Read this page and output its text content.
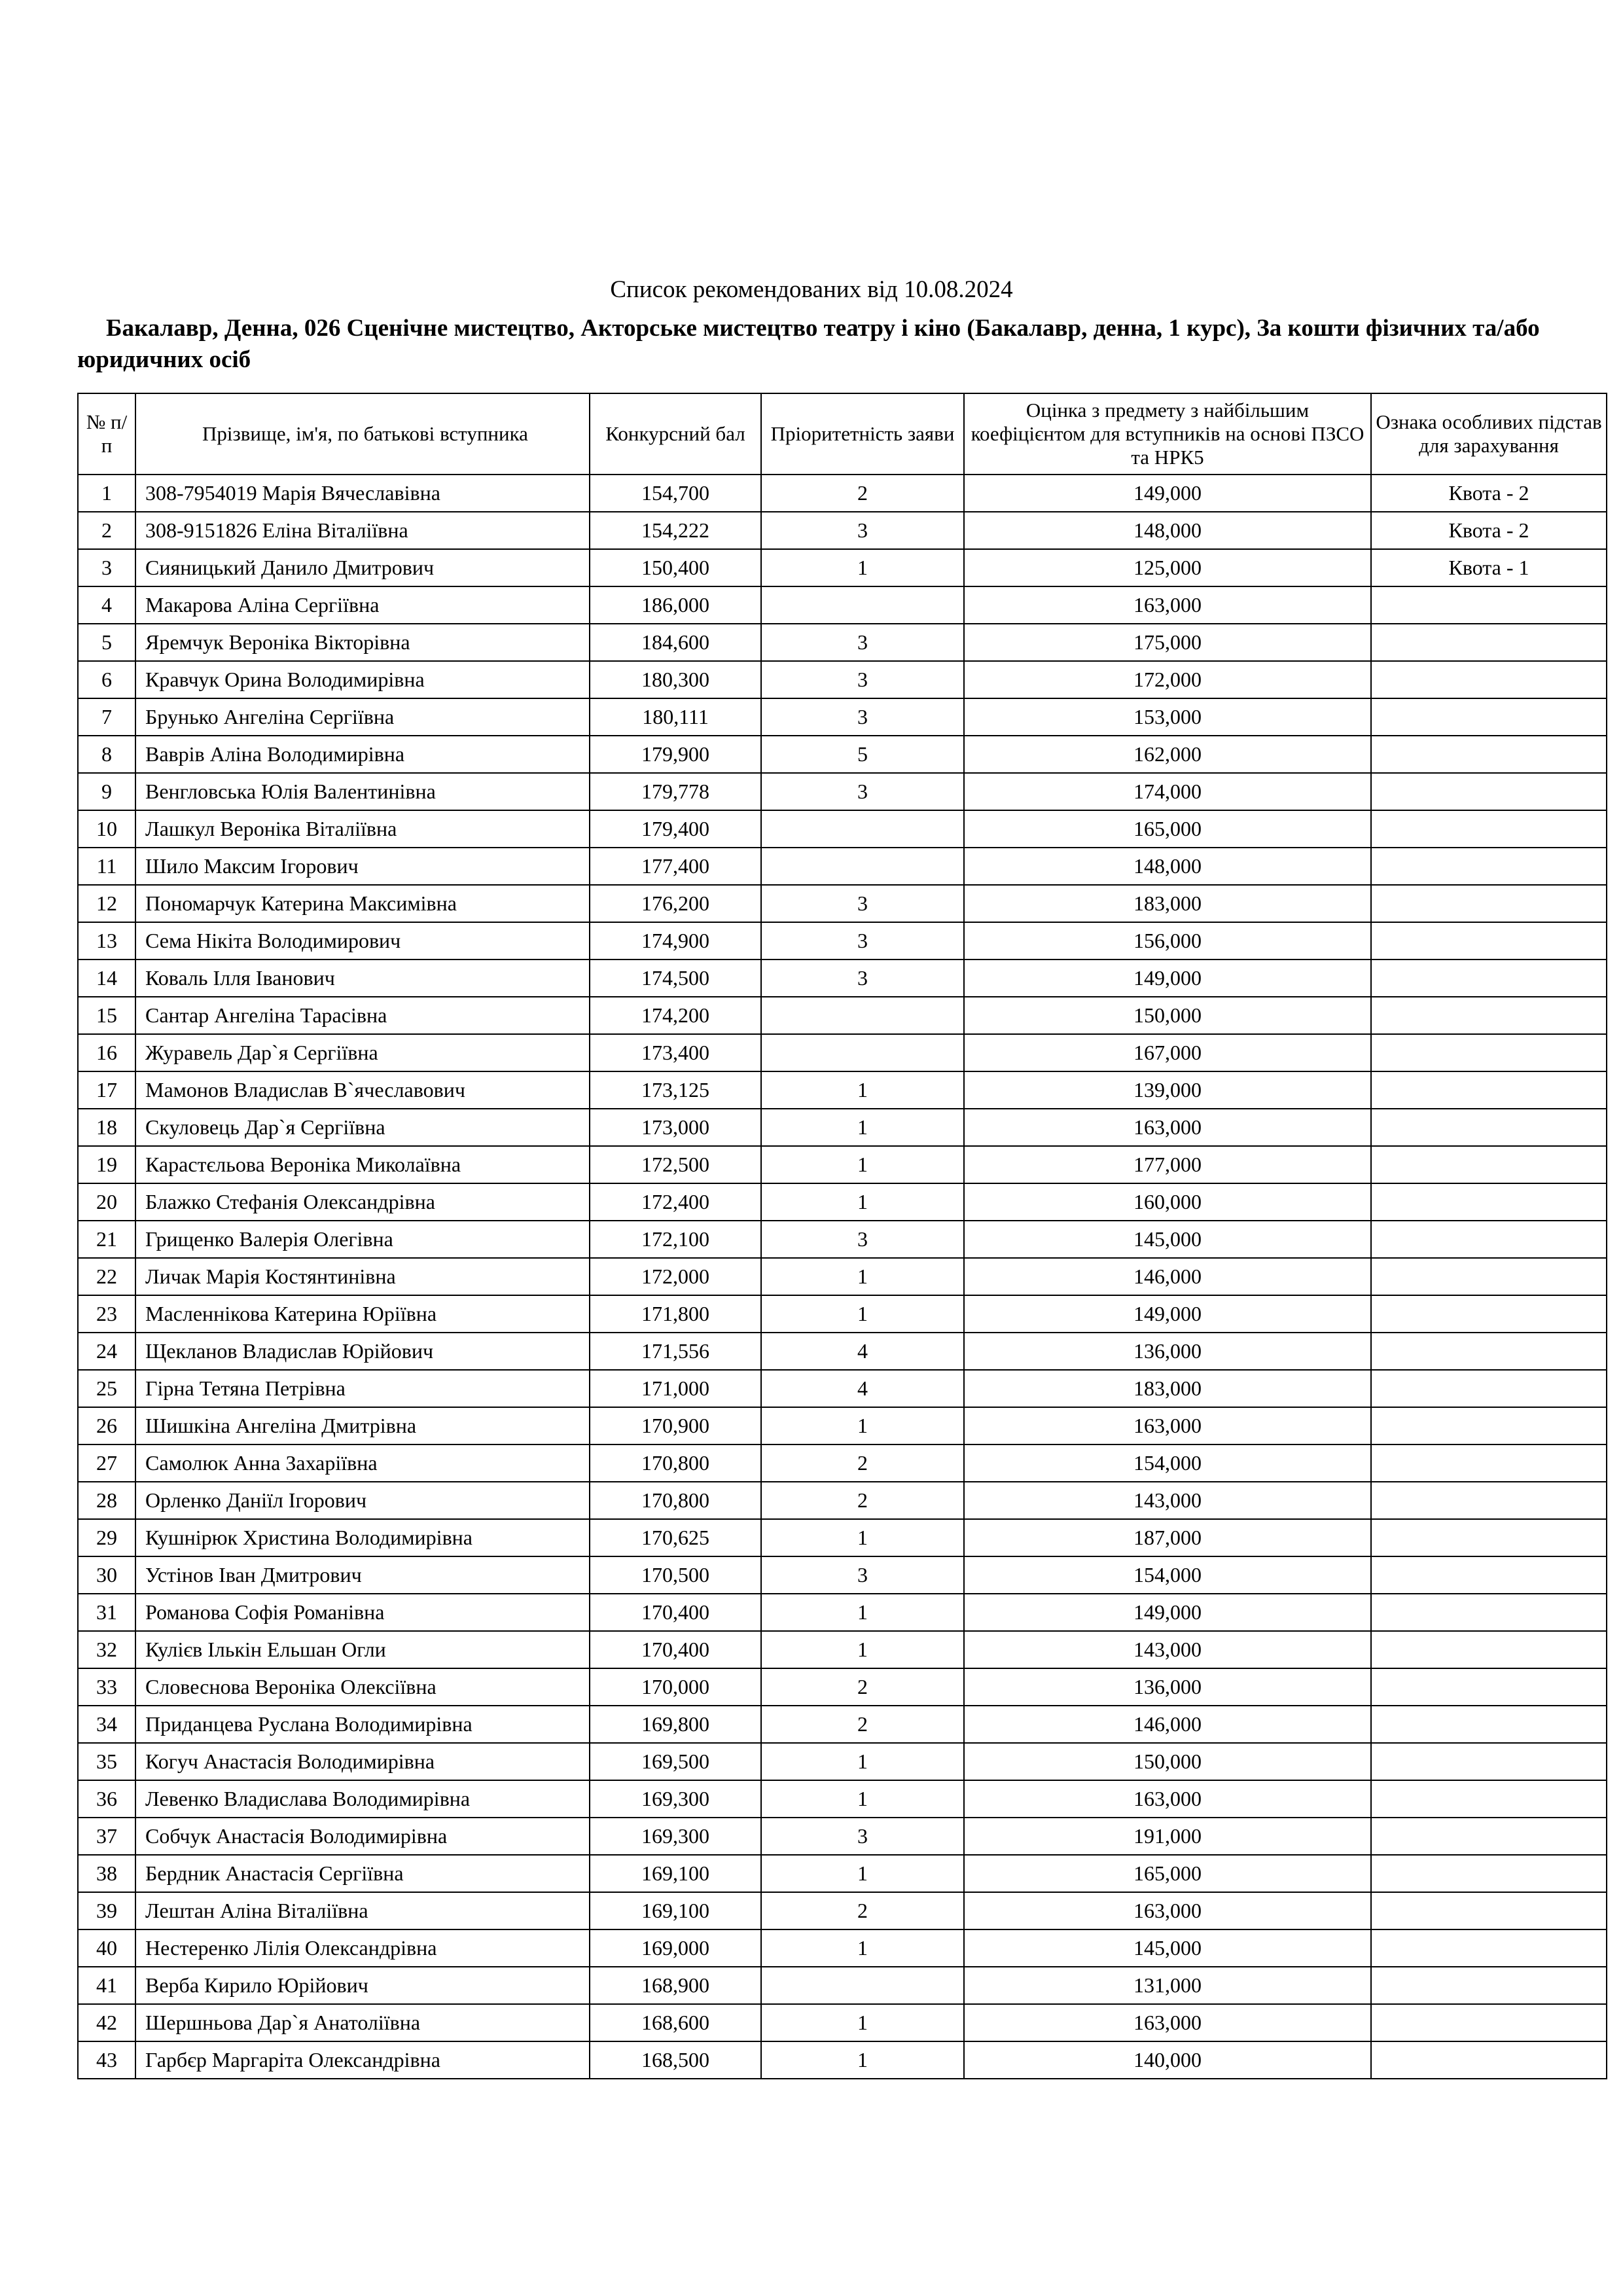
Список рекомендованих від 10.08.2024
Бакалавр, Денна, 026 Сценічне мистецтво, Акторське мистецтво театру і кіно (Бакалавр, денна, 1 курс), За кошти фізичних та/або юридичних осіб
№ п/п	Прізвище, ім'я, по батькові вступника	Конкурсний бал	Пріоритетність заяви	Оцінка з предмету з найбільшим коефіцієнтом для вступників на основі ПЗСО та НРК5	Ознака особливих підстав для зарахування
1	308-7954019 Марія Вячеславівна	154,700	2	149,000	Квота - 2
2	308-9151826 Еліна Віталіївна	154,222	3	148,000	Квота - 2
3	Сияницький Данило Дмитрович	150,400	1	125,000	Квота - 1
4	Макарова Аліна Сергіївна	186,000		163,000	
5	Яремчук Вероніка Вікторівна	184,600	3	175,000	
6	Кравчук Орина Володимирівна	180,300	3	172,000	
7	Брунько Ангеліна Сергіївна	180,111	3	153,000	
8	Ваврів Аліна Володимирівна	179,900	5	162,000	
9	Венгловська Юлія Валентинівна	179,778	3	174,000	
10	Лашкул Вероніка Віталіївна	179,400		165,000	
11	Шило Максим Ігорович	177,400		148,000	
12	Пономарчук Катерина Максимівна	176,200	3	183,000	
13	Сема Нікіта Володимирович	174,900	3	156,000	
14	Коваль Ілля Іванович	174,500	3	149,000	
15	Сантар Ангеліна Тарасівна	174,200		150,000	
16	Журавель Дар`я Сергіївна	173,400		167,000	
17	Мамонов Владислав В`ячеславович	173,125	1	139,000	
18	Скуловець Дар`я Сергіївна	173,000	1	163,000	
19	Карастєльова Вероніка Миколаївна	172,500	1	177,000	
20	Блажко Стефанія Олександрівна	172,400	1	160,000	
21	Грищенко Валерія Олегівна	172,100	3	145,000	
22	Личак Марія Костянтинівна	172,000	1	146,000	
23	Масленнікова Катерина Юріївна	171,800	1	149,000	
24	Щекланов Владислав Юрійович	171,556	4	136,000	
25	Гірна Тетяна Петрівна	171,000	4	183,000	
26	Шишкіна Ангеліна Дмитрівна	170,900	1	163,000	
27	Самолюк Анна Захаріївна	170,800	2	154,000	
28	Орленко Даніїл Ігорович	170,800	2	143,000	
29	Кушнірюк Христина Володимирівна	170,625	1	187,000	
30	Устінов Іван Дмитрович	170,500	3	154,000	
31	Романова Софія Романівна	170,400	1	149,000	
32	Кулієв Ількін Ельшан Огли	170,400	1	143,000	
33	Словеснова Вероніка Олексіївна	170,000	2	136,000	
34	Приданцева Руслана Володимирівна	169,800	2	146,000	
35	Когуч Анастасія Володимирівна	169,500	1	150,000	
36	Левенко Владислава Володимирівна	169,300	1	163,000	
37	Собчук Анастасія Володимирівна	169,300	3	191,000	
38	Бердник Анастасія Сергіївна	169,100	1	165,000	
39	Лештан Аліна Віталіївна	169,100	2	163,000	
40	Нестеренко Лілія Олександрівна	169,000	1	145,000	
41	Верба Кирило Юрійович	168,900		131,000	
42	Шершньова Дар`я Анатоліївна	168,600	1	163,000	
43	Гарбєр Маргаріта Олександрівна	168,500	1	140,000	
